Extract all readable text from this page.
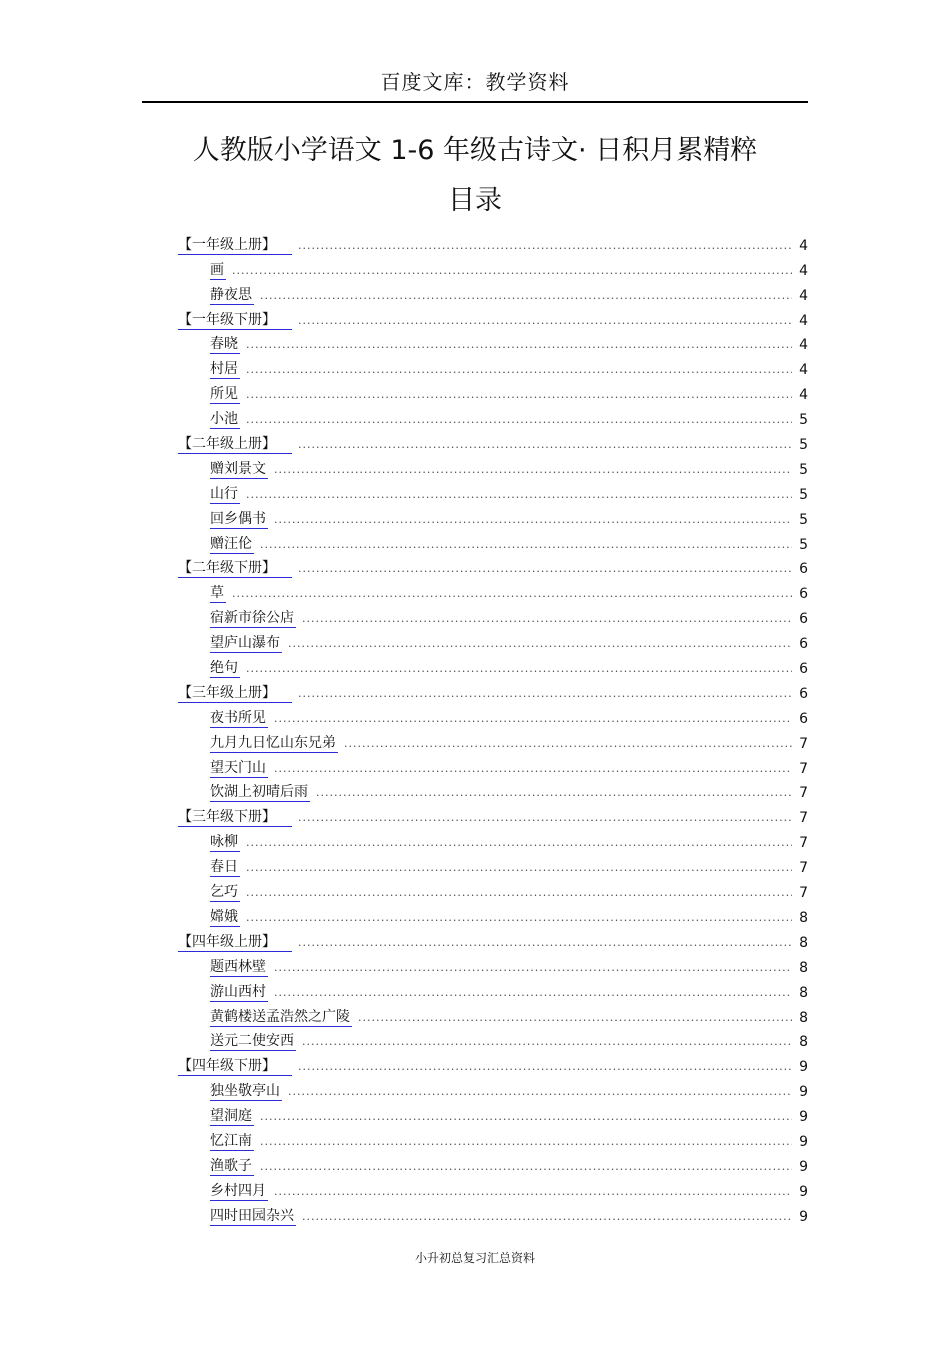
百度文库：教学资料
人教版小学语文 1-6 年级古诗文· 日积月累精粹
目录
【一年级上册】 .....	4
画 .....	4
静夜思 .....	4
【一年级下册】 .....	4
春晓 .....	4
村居 .....	4
所见 .....	4
小池 .....	5
【二年级上册】 .....	5
赠刘景文 .....	5
山行 .....	5
回乡偶书 .....	5
赠汪伦 .....	5
【二年级下册】 .....	6
草 .....	6
宿新市徐公店 .....	6
望庐山瀑布 .....	6
绝句 .....	6
【三年级上册】 .....	6
夜书所见 .....	6
九月九日忆山东兄弟 .....	7
望天门山 .....	7
饮湖上初晴后雨 .....	7
【三年级下册】 .....	7
咏柳 .....	7
春日 .....	7
乞巧 .....	7
嫦娥 .....	8
【四年级上册】 .....	8
题西林壁 .....	8
游山西村 .....	8
黄鹤楼送孟浩然之广陵 .....	8
送元二使安西 .....	8
【四年级下册】 .....	9
独坐敬亭山 .....	9
望洞庭 .....	9
忆江南 .....	9
渔歌子 .....	9
乡村四月 .....	9
四时田园杂兴 .....	9
小升初总复习汇总资料
